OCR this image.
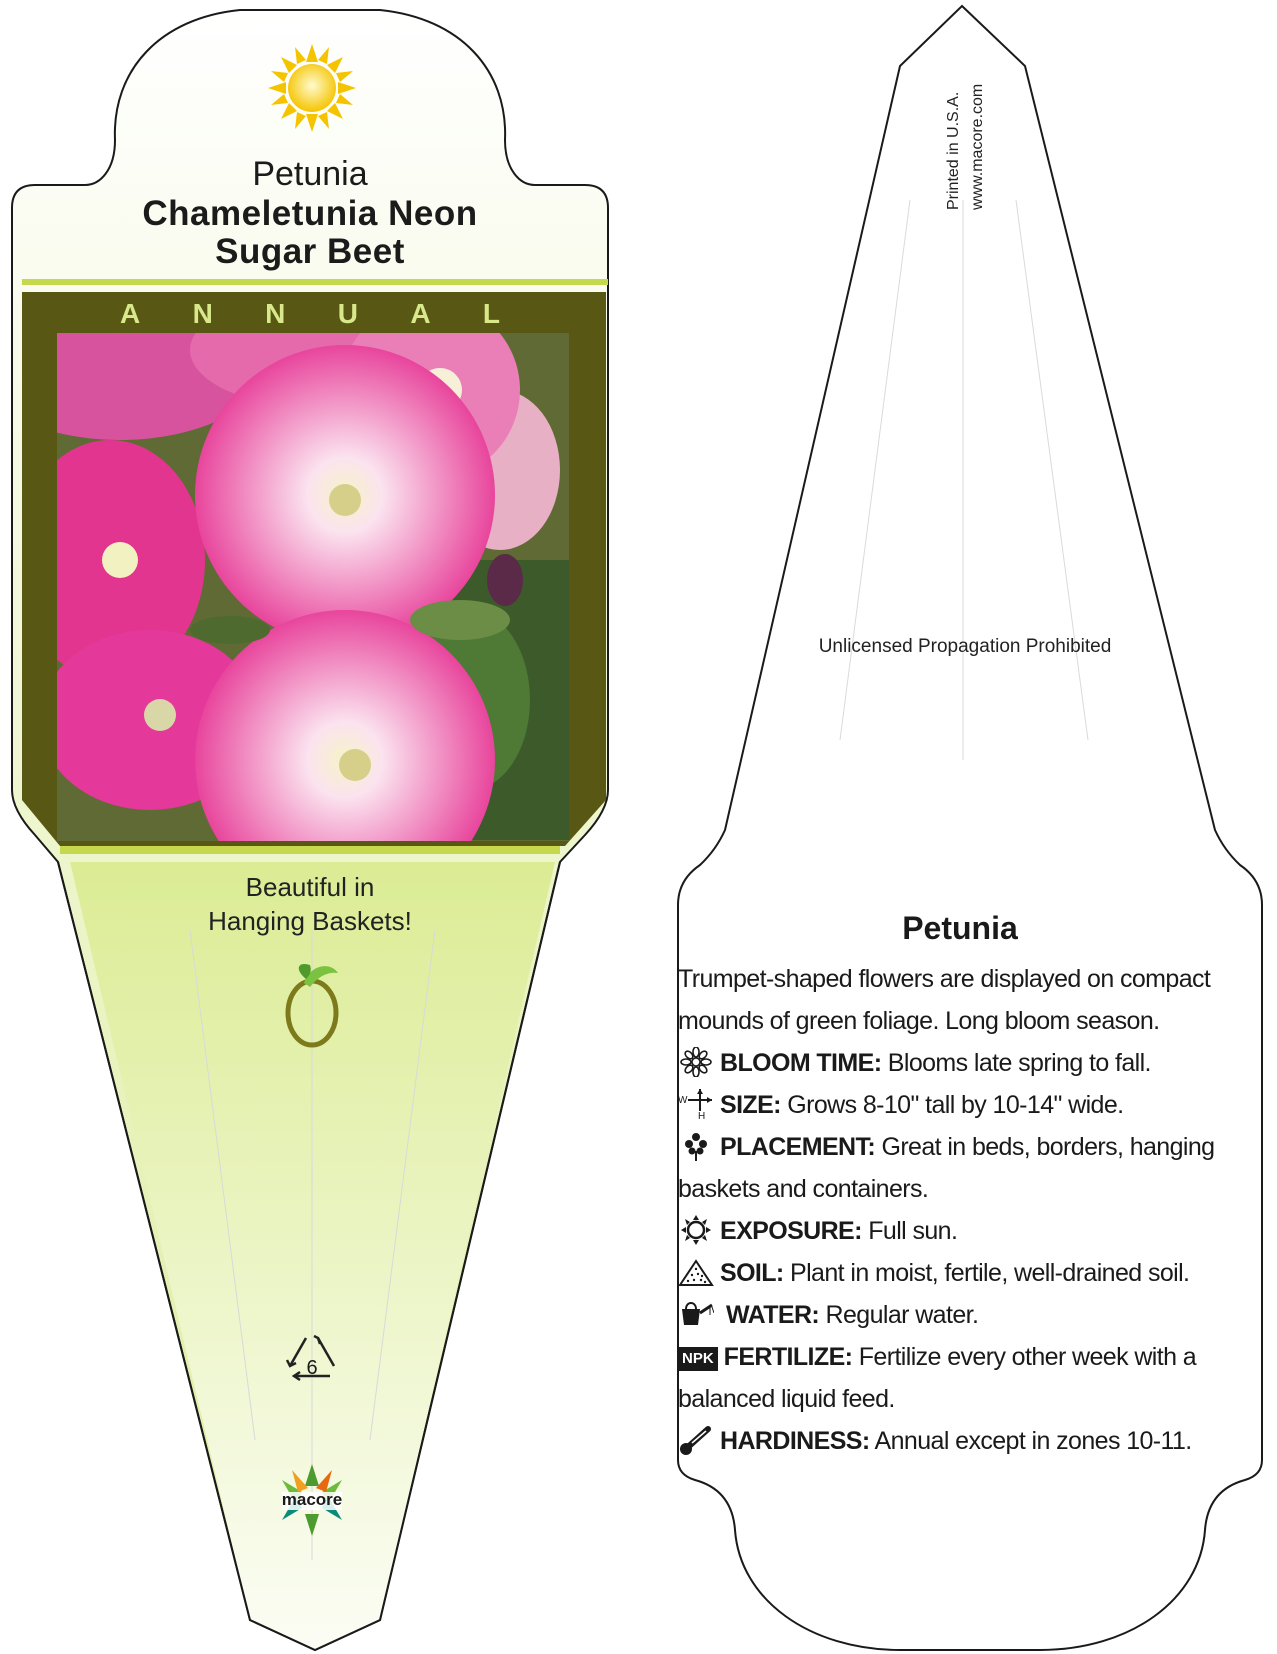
Petunia
Chameletunia Neon
Sugar Beet
A N N U A L
Beautiful in
Hanging Baskets!
6
macore
Printed in U.S.A. www.macore.com
Unlicensed Propagation Prohibited
Petunia

Trumpet-shaped flowers are displayed on compact mounds of green foliage. Long bloom season.

BLOOM TIME: Blooms late spring to fall.

W
H SIZE: Grows 8-10" tall by 10-14" wide.

PLACEMENT: Great in beds, borders, hanging baskets and containers.

EXPOSURE: Full sun.

SOIL: Plant in moist, fertile, well-drained soil.

WATER: Regular water.

NPK FERTILIZE: Fertilize every other week with a balanced liquid feed.

HARDINESS: Annual except in zones 10-11.
